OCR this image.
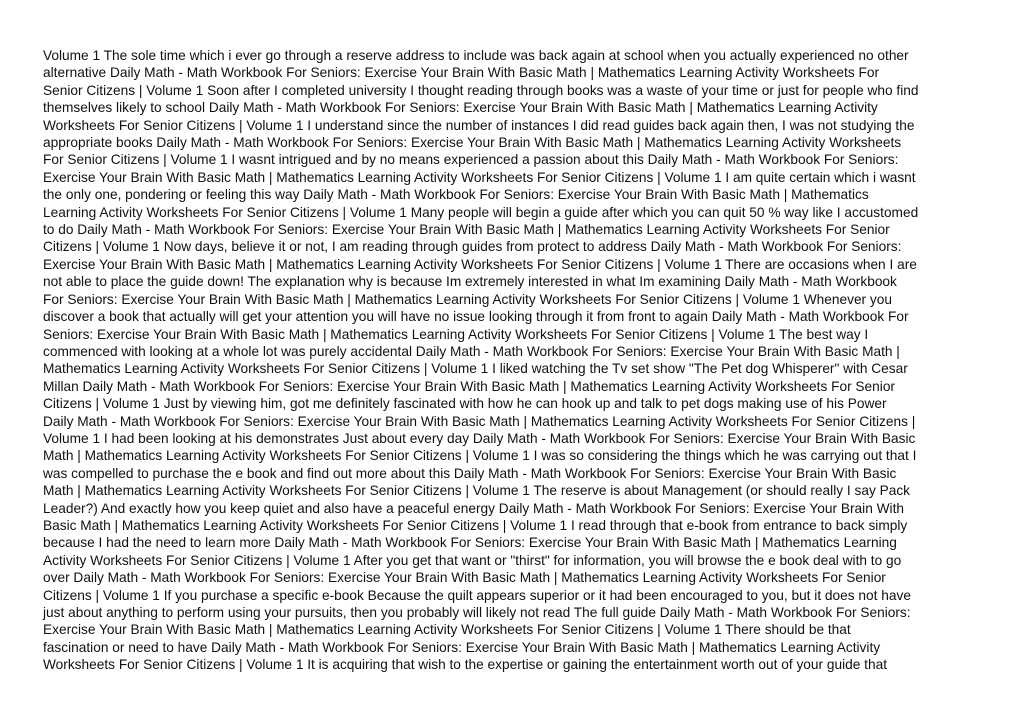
Volume 1 The sole time which i ever go through a reserve address to include was back again at school when you actually experienced no other
alternative Daily Math - Math Workbook For Seniors: Exercise Your Brain With Basic Math | Mathematics Learning Activity Worksheets For
Senior Citizens | Volume 1 Soon after I completed university I thought reading through books was a waste of your time or just for people who find
themselves likely to school Daily Math - Math Workbook For Seniors: Exercise Your Brain With Basic Math | Mathematics Learning Activity
Worksheets For Senior Citizens | Volume 1 I understand since the number of instances I did read guides back again then, I was not studying the
appropriate books Daily Math - Math Workbook For Seniors: Exercise Your Brain With Basic Math | Mathematics Learning Activity Worksheets
For Senior Citizens | Volume 1 I wasnt intrigued and by no means experienced a passion about this Daily Math - Math Workbook For Seniors:
Exercise Your Brain With Basic Math | Mathematics Learning Activity Worksheets For Senior Citizens | Volume 1 I am quite certain which i wasnt
the only one, pondering or feeling this way Daily Math - Math Workbook For Seniors: Exercise Your Brain With Basic Math | Mathematics
Learning Activity Worksheets For Senior Citizens | Volume 1 Many people will begin a guide after which you can quit 50 % way like I accustomed
to do Daily Math - Math Workbook For Seniors: Exercise Your Brain With Basic Math | Mathematics Learning Activity Worksheets For Senior
Citizens | Volume 1 Now days, believe it or not, I am reading through guides from protect to address Daily Math - Math Workbook For Seniors:
Exercise Your Brain With Basic Math | Mathematics Learning Activity Worksheets For Senior Citizens | Volume 1 There are occasions when I are
not able to place the guide down! The explanation why is because Im extremely interested in what Im examining Daily Math - Math Workbook
For Seniors: Exercise Your Brain With Basic Math | Mathematics Learning Activity Worksheets For Senior Citizens | Volume 1 Whenever you
discover a book that actually will get your attention you will have no issue looking through it from front to again Daily Math - Math Workbook For
Seniors: Exercise Your Brain With Basic Math | Mathematics Learning Activity Worksheets For Senior Citizens | Volume 1 The best way I
commenced with looking at a whole lot was purely accidental Daily Math - Math Workbook For Seniors: Exercise Your Brain With Basic Math |
Mathematics Learning Activity Worksheets For Senior Citizens | Volume 1 I liked watching the Tv set show "The Pet dog Whisperer" with Cesar
Millan Daily Math - Math Workbook For Seniors: Exercise Your Brain With Basic Math | Mathematics Learning Activity Worksheets For Senior
Citizens | Volume 1 Just by viewing him, got me definitely fascinated with how he can hook up and talk to pet dogs making use of his Power
Daily Math - Math Workbook For Seniors: Exercise Your Brain With Basic Math | Mathematics Learning Activity Worksheets For Senior Citizens |
Volume 1 I had been looking at his demonstrates Just about every day Daily Math - Math Workbook For Seniors: Exercise Your Brain With Basic
Math | Mathematics Learning Activity Worksheets For Senior Citizens | Volume 1 I was so considering the things which he was carrying out that I
was compelled to purchase the e book and find out more about this Daily Math - Math Workbook For Seniors: Exercise Your Brain With Basic
Math | Mathematics Learning Activity Worksheets For Senior Citizens | Volume 1 The reserve is about Management (or should really I say Pack
Leader?) And exactly how you keep quiet and also have a peaceful energy Daily Math - Math Workbook For Seniors: Exercise Your Brain With
Basic Math | Mathematics Learning Activity Worksheets For Senior Citizens | Volume 1 I read through that e-book from entrance to back simply
because I had the need to learn more Daily Math - Math Workbook For Seniors: Exercise Your Brain With Basic Math | Mathematics Learning
Activity Worksheets For Senior Citizens | Volume 1 After you get that want or "thirst" for information, you will browse the e book deal with to go
over Daily Math - Math Workbook For Seniors: Exercise Your Brain With Basic Math | Mathematics Learning Activity Worksheets For Senior
Citizens | Volume 1 If you purchase a specific e-book Because the quilt appears superior or it had been encouraged to you, but it does not have
just about anything to perform using your pursuits, then you probably will likely not read The full guide Daily Math - Math Workbook For Seniors:
Exercise Your Brain With Basic Math | Mathematics Learning Activity Worksheets For Senior Citizens | Volume 1 There should be that
fascination or need to have Daily Math - Math Workbook For Seniors: Exercise Your Brain With Basic Math | Mathematics Learning Activity
Worksheets For Senior Citizens | Volume 1 It is acquiring that wish to the expertise or gaining the entertainment worth out of your guide that
